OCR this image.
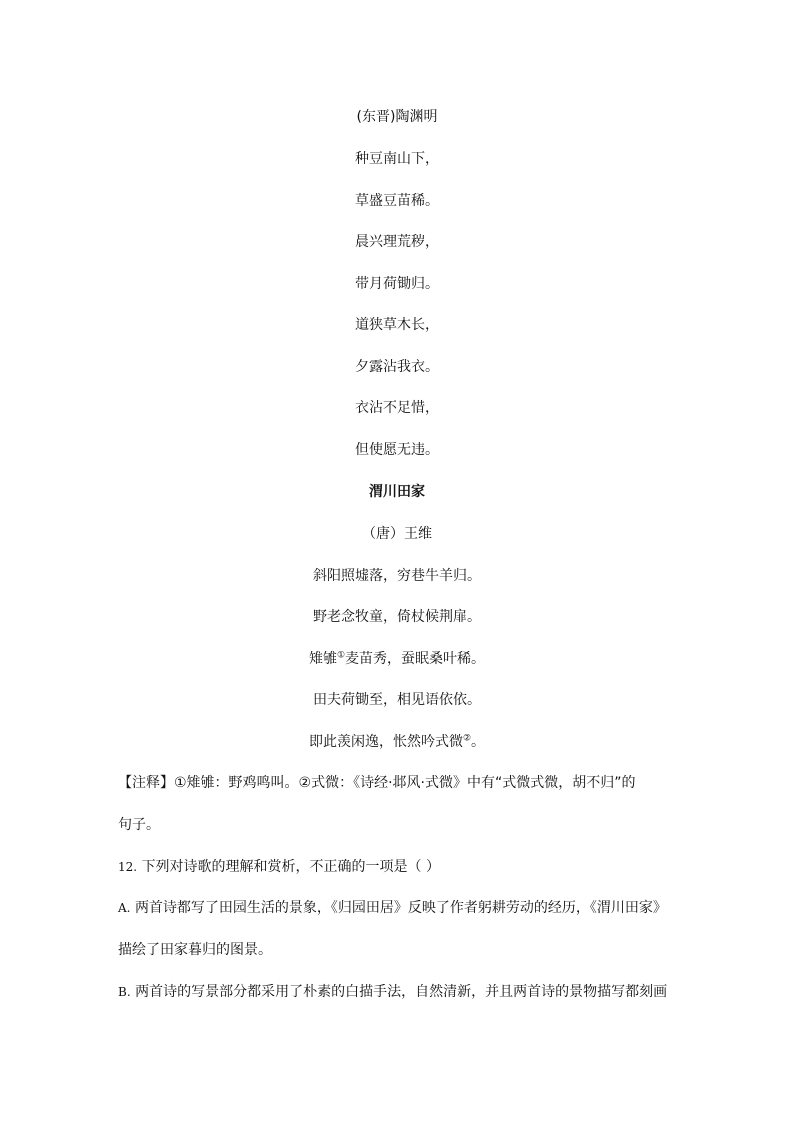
(东晋)陶渊明
种豆南山下，
草盛豆苗稀。
晨兴理荒秽，
带月荷锄归。
道狭草木长，
夕露沾我衣。
衣沾不足惜，
但使愿无违。
渭川田家
（唐）王维
斜阳照墟落，穷巷牛羊归。
野老念牧童，倚杖候荆扉。
雉雊①麦苗秀，蚕眠桑叶稀。
田夫荷锄至，相见语依依。
即此羡闲逸，怅然吟式微②。
【注释】①雉雊：野鸡鸣叫。②式微：《诗经·邶风·式微》中有“式微式微，胡不归”的
句子。
12. 下列对诗歌的理解和赏析，不正确的一项是（ ）
A. 两首诗都写了田园生活的景象，《归园田居》反映了作者躬耕劳动的经历，《渭川田家》
描绘了田家暮归的图景。
B. 两首诗的写景部分都采用了朴素的白描手法，自然清新，并且两首诗的景物描写都刻画
